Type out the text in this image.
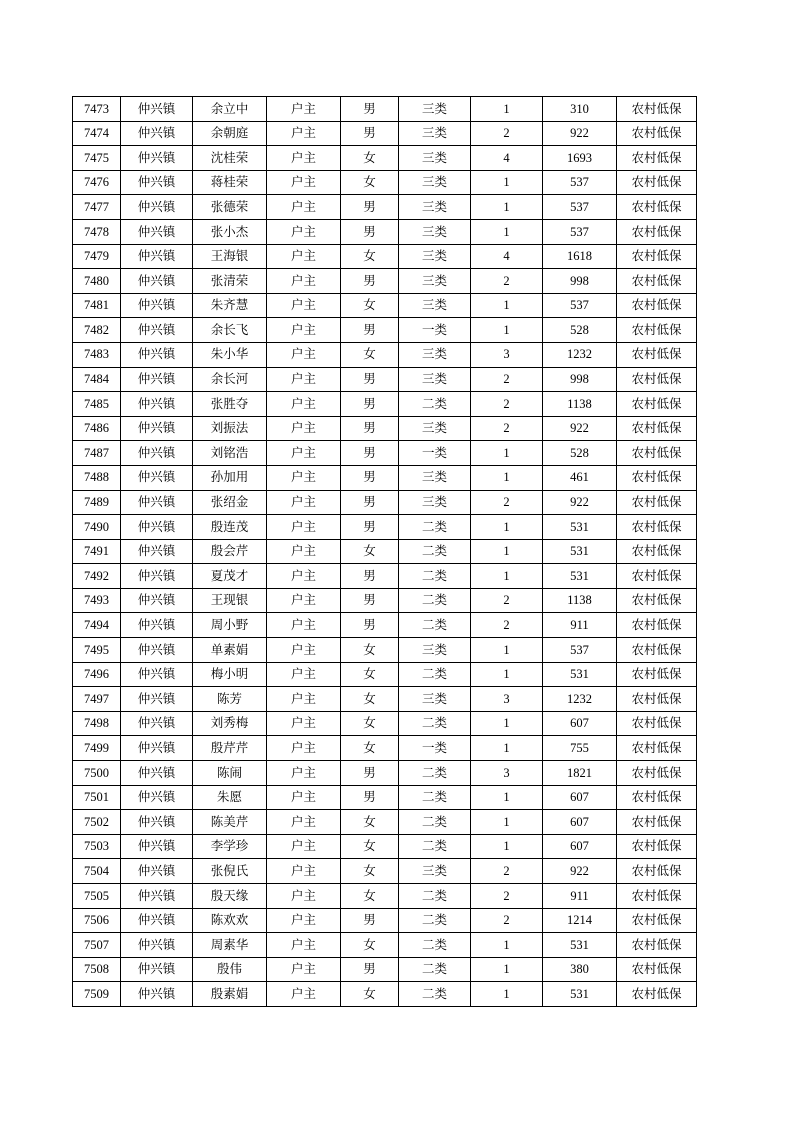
7473	仲兴镇	余立中	户主	男	三类	1	310	农村低保
7474	仲兴镇	余朝庭	户主	男	三类	2	922	农村低保
7475	仲兴镇	沈桂荣	户主	女	三类	4	1693	农村低保
7476	仲兴镇	蒋桂荣	户主	女	三类	1	537	农村低保
7477	仲兴镇	张德荣	户主	男	三类	1	537	农村低保
7478	仲兴镇	张小杰	户主	男	三类	1	537	农村低保
7479	仲兴镇	王海银	户主	女	三类	4	1618	农村低保
7480	仲兴镇	张清荣	户主	男	三类	2	998	农村低保
7481	仲兴镇	朱齐慧	户主	女	三类	1	537	农村低保
7482	仲兴镇	余长飞	户主	男	一类	1	528	农村低保
7483	仲兴镇	朱小华	户主	女	三类	3	1232	农村低保
7484	仲兴镇	余长河	户主	男	三类	2	998	农村低保
7485	仲兴镇	张胜夺	户主	男	二类	2	1138	农村低保
7486	仲兴镇	刘振法	户主	男	三类	2	922	农村低保
7487	仲兴镇	刘铭浩	户主	男	一类	1	528	农村低保
7488	仲兴镇	孙加用	户主	男	三类	1	461	农村低保
7489	仲兴镇	张绍金	户主	男	三类	2	922	农村低保
7490	仲兴镇	殷连茂	户主	男	二类	1	531	农村低保
7491	仲兴镇	殷会芹	户主	女	二类	1	531	农村低保
7492	仲兴镇	夏茂才	户主	男	二类	1	531	农村低保
7493	仲兴镇	王现银	户主	男	二类	2	1138	农村低保
7494	仲兴镇	周小野	户主	男	二类	2	911	农村低保
7495	仲兴镇	单素娟	户主	女	三类	1	537	农村低保
7496	仲兴镇	梅小明	户主	女	二类	1	531	农村低保
7497	仲兴镇	陈芳	户主	女	三类	3	1232	农村低保
7498	仲兴镇	刘秀梅	户主	女	二类	1	607	农村低保
7499	仲兴镇	殷芹芹	户主	女	一类	1	755	农村低保
7500	仲兴镇	陈闹	户主	男	二类	3	1821	农村低保
7501	仲兴镇	朱愿	户主	男	二类	1	607	农村低保
7502	仲兴镇	陈美芹	户主	女	二类	1	607	农村低保
7503	仲兴镇	李学珍	户主	女	二类	1	607	农村低保
7504	仲兴镇	张倪氏	户主	女	三类	2	922	农村低保
7505	仲兴镇	殷天缘	户主	女	二类	2	911	农村低保
7506	仲兴镇	陈欢欢	户主	男	二类	2	1214	农村低保
7507	仲兴镇	周素华	户主	女	二类	1	531	农村低保
7508	仲兴镇	殷伟	户主	男	二类	1	380	农村低保
7509	仲兴镇	殷素娟	户主	女	二类	1	531	农村低保
